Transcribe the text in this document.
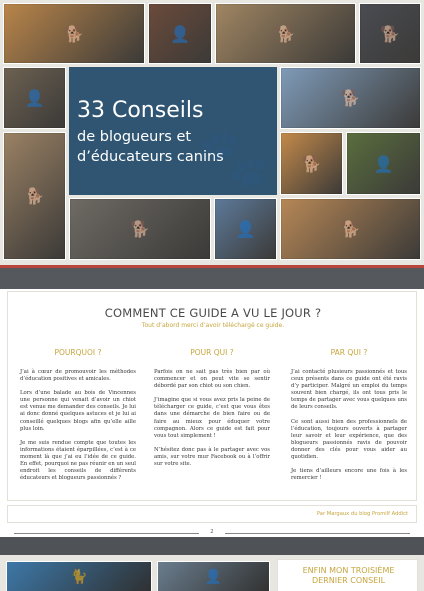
🐕	👤	🐕	🐕
👤	🐕
🐕
🐕	👤
🐕	👤	🐕
33 Conseils
de blogueurs et
d’éducateurs canins
🐾
COMMENT CE GUIDE A VU LE JOUR ?
Tout d’abord merci d’avoir téléchargé ce guide.
POURQUOI ?

J’ai à cœur de promouvoir les méthodes d’éducation positives et amicales.

Lors d’une balade au bois de Vincennes une personne qui venait d’avoir un chiot est venue me demander des conseils. Je lui ai donc donné quelques astuces et je lui ai conseillé quelques blogs afin qu’elle aille plus loin.

Je me suis rendue compte que toutes les informations étaient éparpillées, c’est à ce moment là que j’ai eu l’idée de ce guide. En effet, pourquoi ne pas réunir en un seul endroit les conseils de différents éducateurs et blogueurs passionnés ?

POUR QUI ?

Parfois on ne sait pas très bien par où commencer et on peut vite se sentir débordé par son chiot ou son chien.

J’imagine que si vous avez pris la peine de télécharger ce guide, c’est que vous êtes dans une démarche de bien faire ou de faire au mieux pour éduquer votre compagnon. Alors ce guide est fait pour vous tout simplement !

N’hésitez donc pas à le partager avec vos amis, sur votre mur Facebook ou à l’offrir sur votre site.

PAR QUI ?

J’ai contacté plusieurs passionnés et tous ceux présents dans ce guide ont été ravis d’y participer. Malgré un emploi du temps souvent bien chargé, ils ont tous pris le temps de partager avec vous quelques uns de leurs conseils.

Ce sont aussi bien des professionnels de l’éducation, toujours ouverts à partager leur savoir et leur expérience, que des blogueurs passionnés ravis de pouvoir donner des clés pour vous aider au quotidien.

Je tiens d’ailleurs encore une fois à les remercier !

Par Margaux du blog Promilf Addict
2
🐈	👤	ENFIN MON TROISIÈME
DERNIER CONSEIL
